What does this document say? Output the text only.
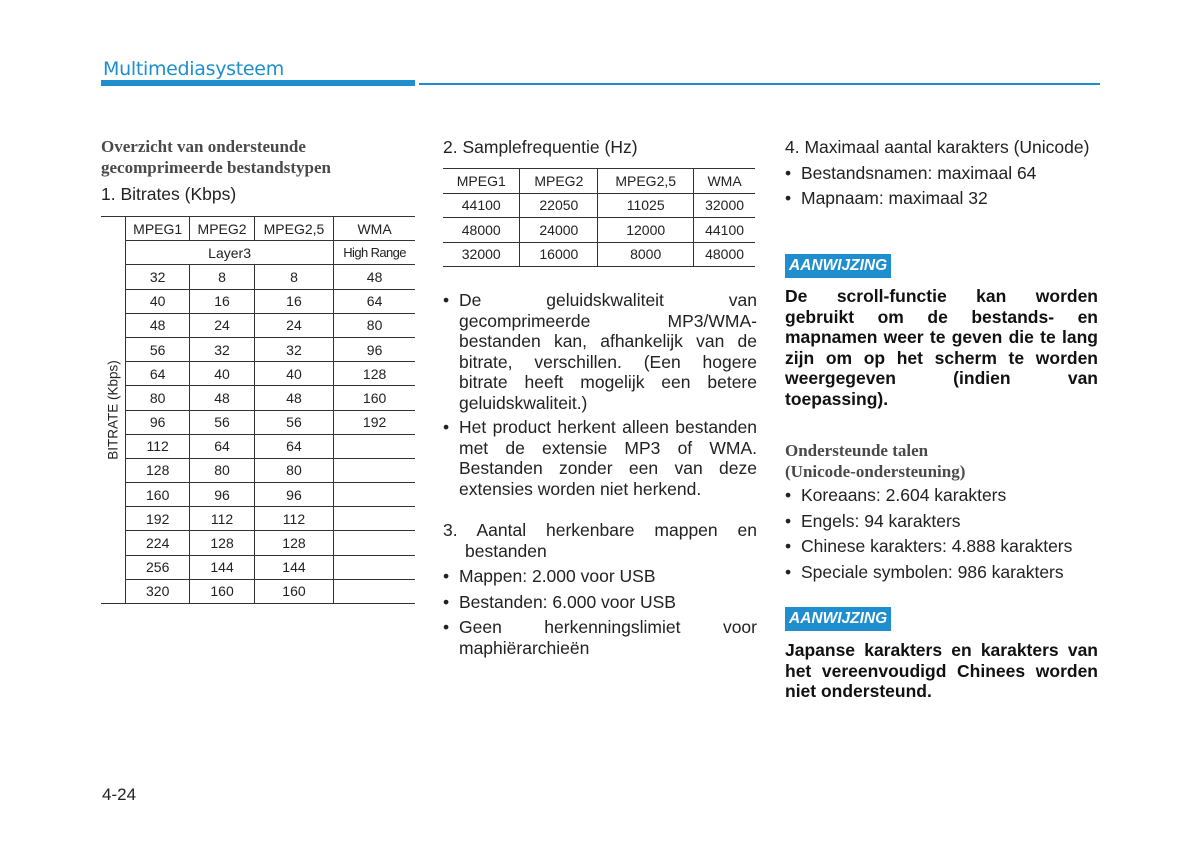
Multimediasysteem
Overzicht van ondersteunde
gecomprimeerde bestandstypen
1. Bitrates (Kbps)
BITRATE (Kbps)	MPEG1	MPEG2	MPEG2,5	WMA
	Layer3			High Range
	32	8	8	48
	40	16	16	64
	48	24	24	80
	56	32	32	96
	64	40	40	128
	80	48	48	160
	96	56	56	192
	112	64	64	
	128	80	80	
	160	96	96	
	192	112	112	
	224	128	128	
	256	144	144	
	320	160	160	
2. Samplefrequentie (Hz)
MPEG1	MPEG2	MPEG2,5	WMA
44100	22050	11025	32000
48000	24000	12000	44100
32000	16000	8000	48000
• De geluidskwaliteit van gecomprimeerde MP3/WMA-bestanden kan, afhankelijk van de bitrate, verschillen. (Een hogere bitrate heeft mogelijk een betere geluidskwaliteit.)
• Het product herkent alleen bestanden met de extensie MP3 of WMA. Bestanden zonder een van deze extensies worden niet herkend.
3. Aantal herkenbare mappen en bestanden
• Mappen: 2.000 voor USB
• Bestanden: 6.000 voor USB
• Geen herkenningslimiet voor maphiërarchieën
4. Maximaal aantal karakters (Unicode)
• Bestandsnamen: maximaal 64
• Mapnaam: maximaal 32
AANWIJZING
De scroll-functie kan worden gebruikt om de bestands- en mapnamen weer te geven die te lang zijn om op het scherm te worden weergegeven (indien van toepassing).
Ondersteunde talen
(Unicode-ondersteuning)
• Koreaans: 2.604 karakters
• Engels: 94 karakters
• Chinese karakters: 4.888 karakters
• Speciale symbolen: 986 karakters
AANWIJZING
Japanse karakters en karakters van het vereenvoudigd Chinees worden niet ondersteund.
4-24
